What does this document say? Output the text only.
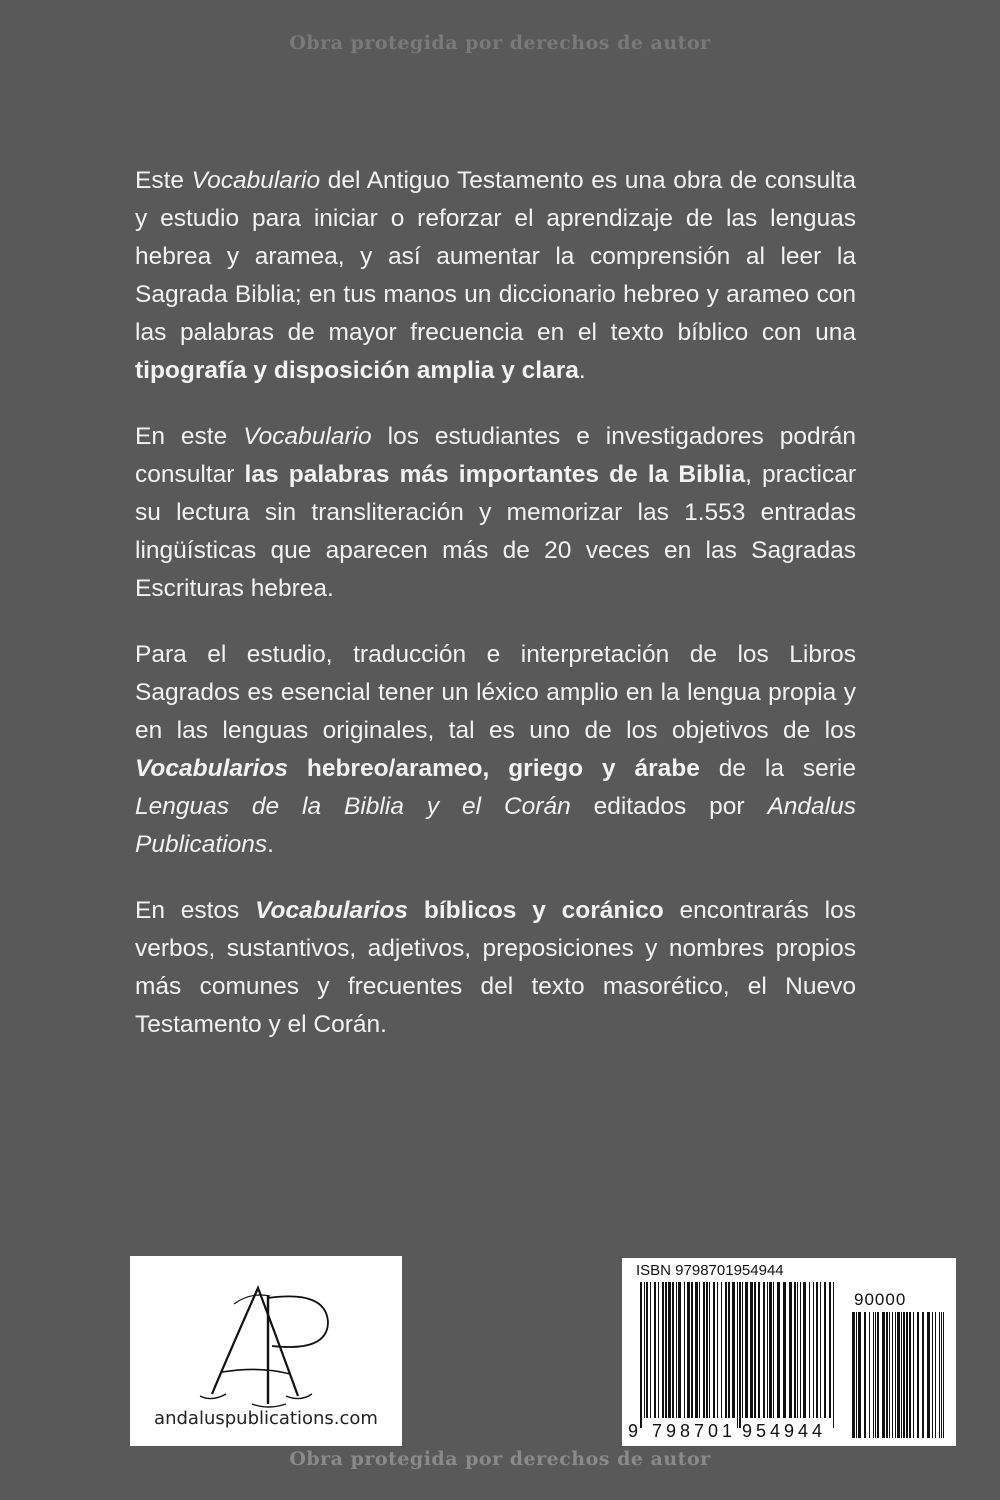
Obra protegida por derechos de autor

Este Vocabulario del Antiguo Testamento es una obra de consulta y estudio para iniciar o reforzar el aprendizaje de las lenguas hebrea y aramea, y así aumentar la comprensión al leer la Sagrada Biblia; en tus manos un diccionario hebreo y arameo con las palabras de mayor frecuencia en el texto bíblico con una tipografía y disposición amplia y clara.

En este Vocabulario los estudiantes e investigadores podrán consultar las palabras más importantes de la Biblia, practicar su lectura sin transliteración y memorizar las 1.553 entradas lingüísticas que aparecen más de 20 veces en las Sagradas Escrituras hebrea.

Para el estudio, traducción e interpretación de los Libros Sagrados es esencial tener un léxico amplio en la lengua propia y en las lenguas originales, tal es uno de los objetivos de los Vocabularios hebreo/arameo, griego y árabe de la serie Lenguas de la Biblia y el Corán editados por Andalus Publications.

En estos Vocabularios bíblicos y coránico encontrarás los verbos, sustantivos, adjetivos, preposiciones y nombres propios más comunes y frecuentes del texto masorético, el Nuevo Testamento y el Corán.

andaluspublications.com
ISBN 9798701954944
90000
9 798701 954944
Obra protegida por derechos de autor
